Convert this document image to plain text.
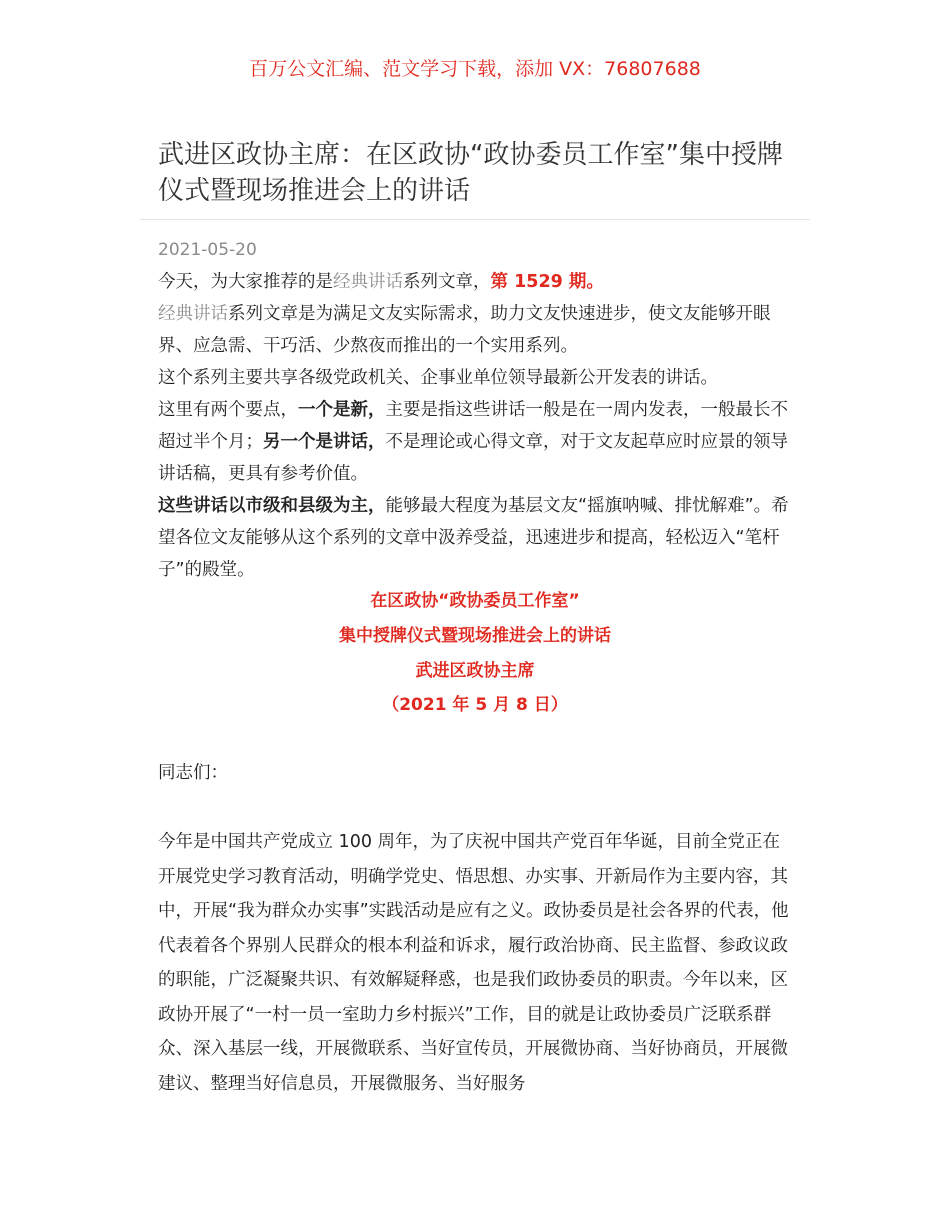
百万公文汇编、范文学习下载，添加 VX：76807688
武进区政协主席：在区政协“政协委员工作室”集中授牌仪式暨现场推进会上的讲话
2021-05-20

今天，为大家推荐的是经典讲话系列文章，第 1529 期。

经典讲话系列文章是为满足文友实际需求，助力文友快速进步，使文友能够开眼界、应急需、干巧活、少熬夜而推出的一个实用系列。

这个系列主要共享各级党政机关、企事业单位领导最新公开发表的讲话。

这里有两个要点，一个是新，主要是指这些讲话一般是在一周内发表，一般最长不超过半个月；另一个是讲话，不是理论或心得文章，对于文友起草应时应景的领导讲话稿，更具有参考价值。

这些讲话以市级和县级为主，能够最大程度为基层文友“摇旗呐喊、排忧解难”。希望各位文友能够从这个系列的文章中汲养受益，迅速进步和提高，轻松迈入“笔杆子”的殿堂。

在区政协“政协委员工作室”
集中授牌仪式暨现场推进会上的讲话
武进区政协主席
（2021 年 5 月 8 日）

同志们：

今年是中国共产党成立 100 周年，为了庆祝中国共产党百年华诞，目前全党正在开展党史学习教育活动，明确学党史、悟思想、办实事、开新局作为主要内容，其中，开展“我为群众办实事”实践活动是应有之义。政协委员是社会各界的代表，他代表着各个界别人民群众的根本利益和诉求，履行政治协商、民主监督、参政议政的职能，广泛凝聚共识、有效解疑释惑，也是我们政协委员的职责。今年以来，区政协开展了“一村一员一室助力乡村振兴”工作，目的就是让政协委员广泛联系群众、深入基层一线，开展微联系、当好宣传员，开展微协商、当好协商员，开展微建议、整理当好信息员，开展微服务、当好服务
